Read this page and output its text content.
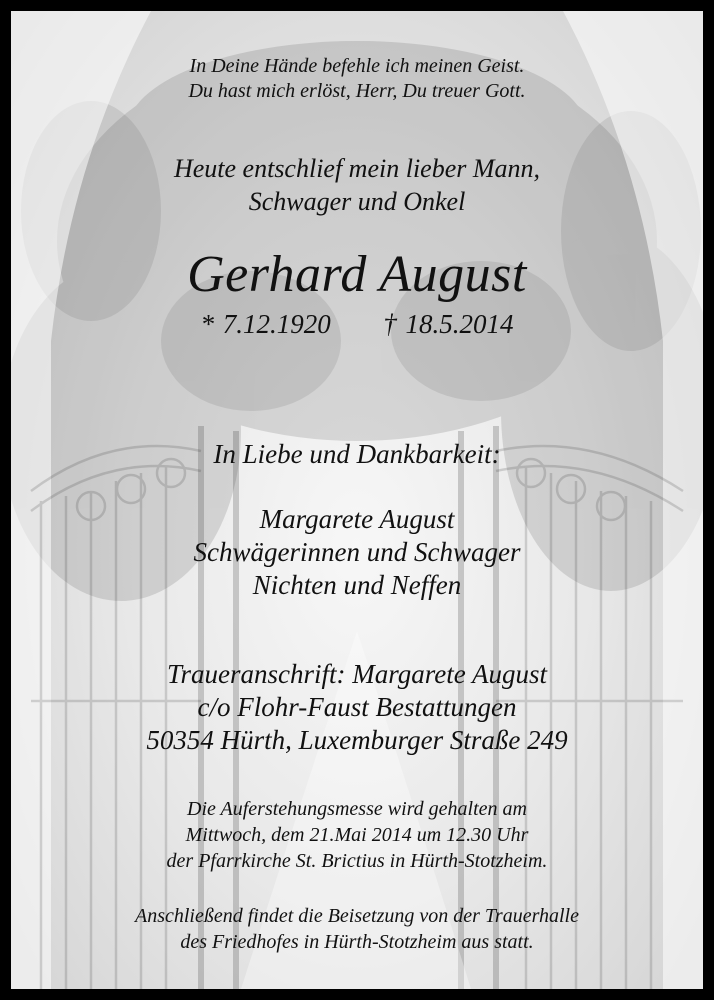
In Deine Hände befehle ich meinen Geist.
Du hast mich erlöst, Herr, Du treuer Gott.
Heute entschlief mein lieber Mann,
Schwager und Onkel
Gerhard August
* 7.12.1920      † 18.5.2014
In Liebe und Dankbarkeit:
Margarete August
Schwägerinnen und Schwager
Nichten und Neffen
Traueranschrift: Margarete August
c/o Flohr-Faust Bestattungen
50354 Hürth, Luxemburger Straße 249
Die Auferstehungsmesse wird gehalten am
Mittwoch, dem 21.Mai 2014 um 12.30 Uhr
der Pfarrkirche St. Brictius in Hürth-Stotzheim.
Anschließend findet die Beisetzung von der Trauerhalle
des Friedhofes in Hürth-Stotzheim aus statt.
